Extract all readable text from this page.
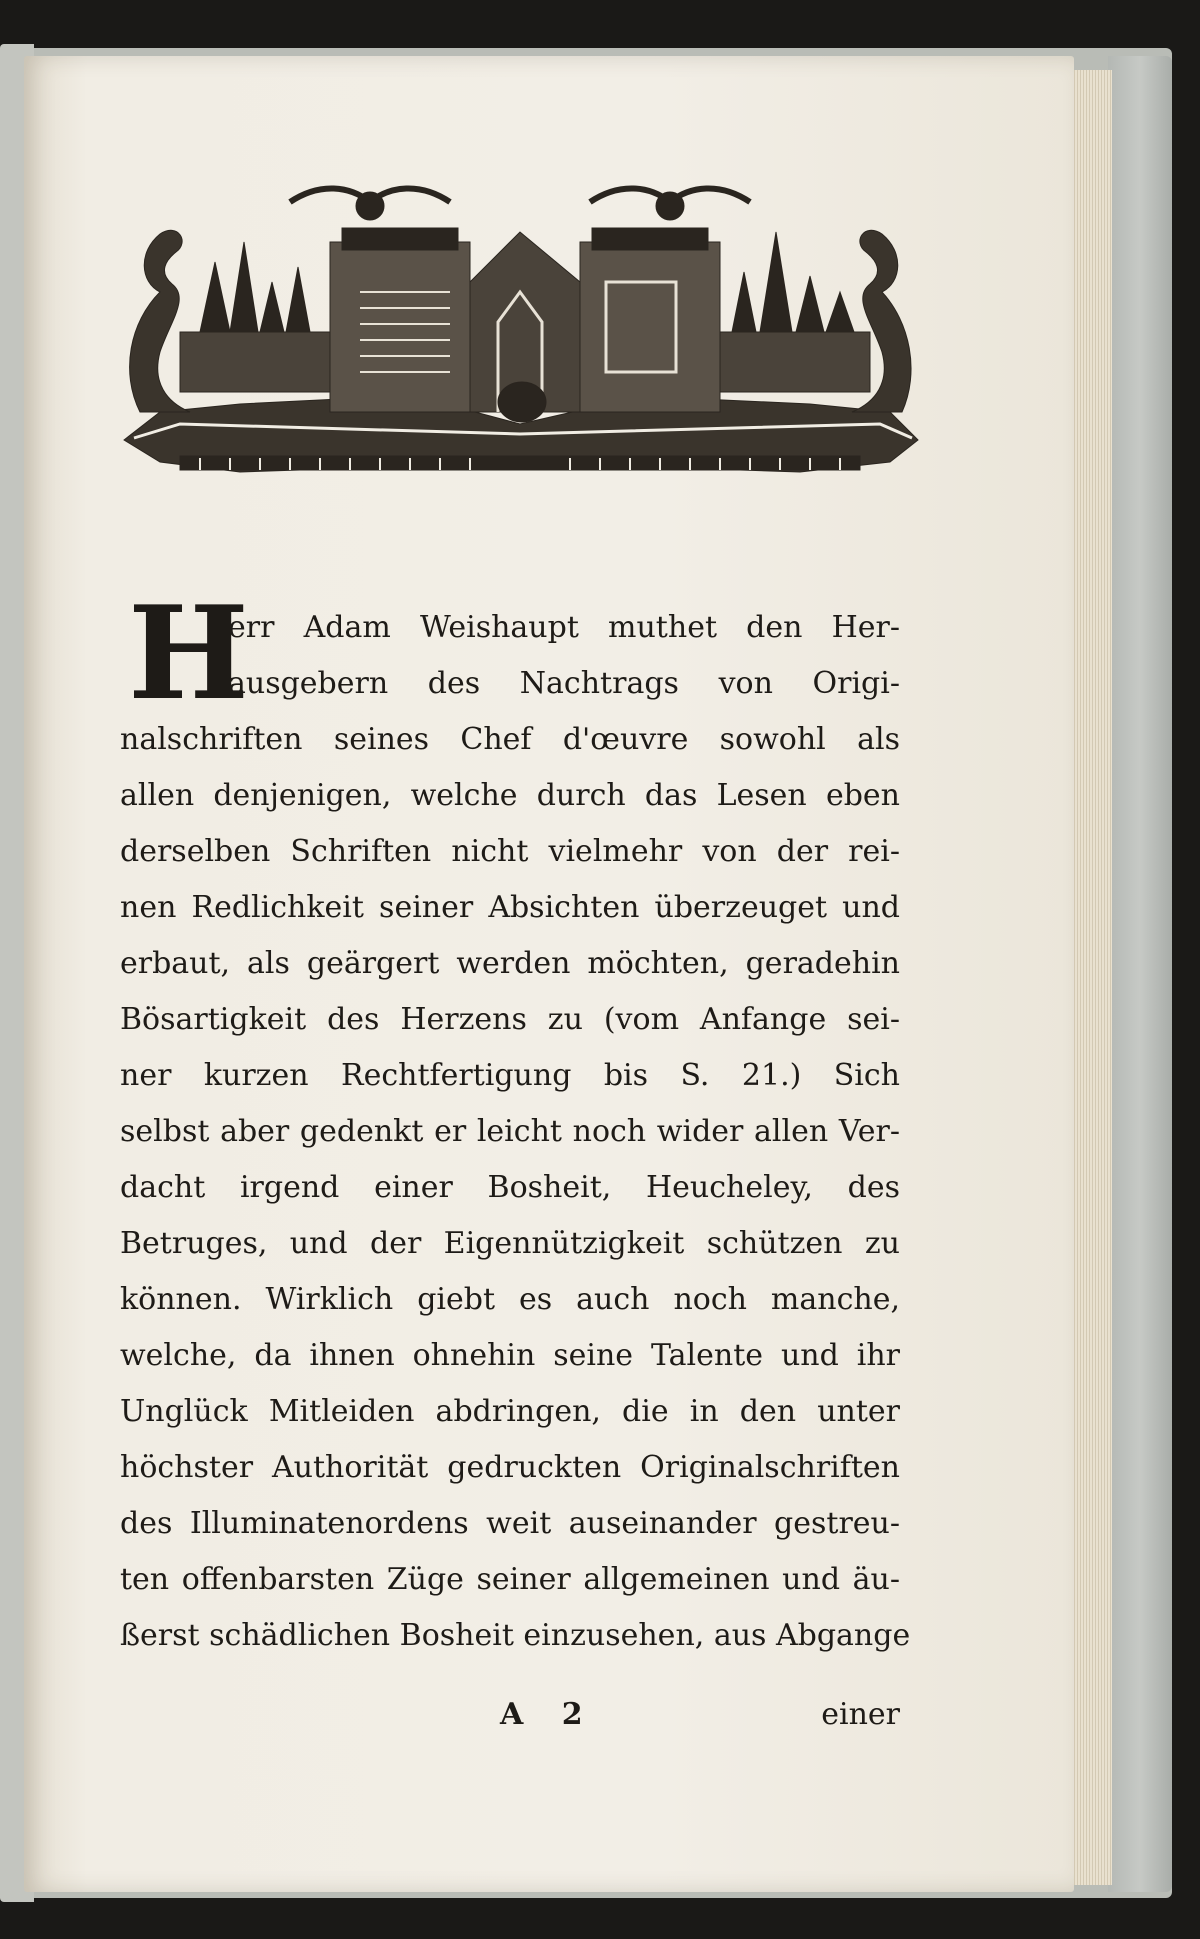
H
err Adam Weishaupt muthet den Her-
ausgebern des Nachtrags von Origi-
nalschriften seines Chef d'œuvre sowohl als
allen denjenigen, welche durch das Lesen eben
derselben Schriften nicht vielmehr von der rei-
nen Redlichkeit seiner Absichten überzeuget und
erbaut, als geärgert werden möchten, geradehin
Bösartigkeit des Herzens zu (vom Anfange sei-
ner kurzen Rechtfertigung bis S. 21.) Sich
selbst aber gedenkt er leicht noch wider allen Ver-
dacht irgend einer Bosheit, Heucheley, des
Betruges, und der Eigennützigkeit schützen zu
können. Wirklich giebt es auch noch manche,
welche, da ihnen ohnehin seine Talente und ihr
Unglück Mitleiden abdringen, die in den unter
höchster Authorität gedruckten Originalschriften
des Illuminatenordens weit auseinander gestreu-
ten offenbarsten Züge seiner allgemeinen und äu-
ßerst schädlichen Bosheit einzusehen, aus Abgange
A 2	einer
